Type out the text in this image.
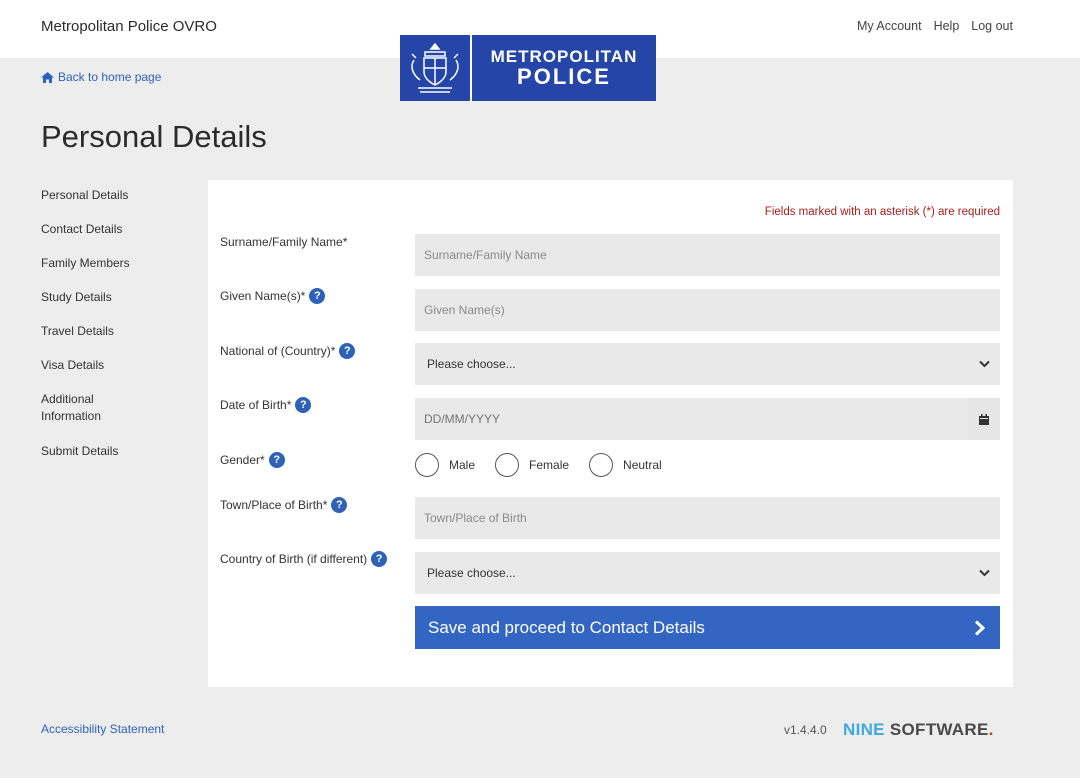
Metropolitan Police OVRO	My Account Help Log out
METROPOLITAN
POLICE
Back to home page
Personal Details
Personal Details
Contact Details
Family Members
Study Details
Travel Details
Visa Details
Additional Information
Submit Details
Fields marked with an asterisk (*) are required
Surname/Family Name*
Surname/Family Name
Given Name(s)* ?
Given Name(s)
National of (Country)* ?
Please choose...
Date of Birth* ?
DD/MM/YYYY
Gender* ?	Male	Female	Neutral
Town/Place of Birth* ?
Town/Place of Birth
Country of Birth (if different) ?
Please choose...
Save and proceed to Contact Details
Accessibility Statement	v1.4.4.0 NINE SOFTWARE.
